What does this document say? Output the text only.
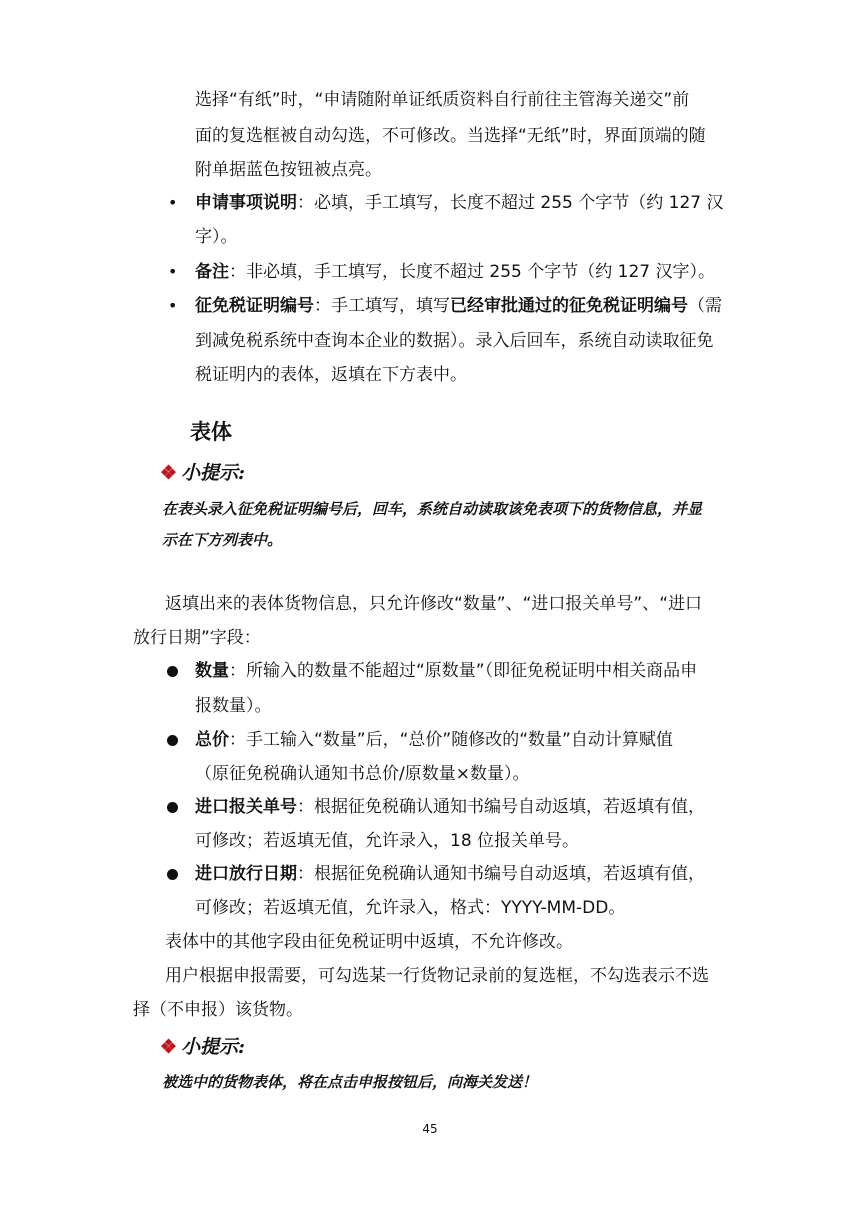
选择“有纸”时，“申请随附单证纸质资料自行前往主管海关递交”前
面的复选框被自动勾选，不可修改。当选择“无纸”时，界面顶端的随
附单据蓝色按钮被点亮。
• 申请事项说明：必填，手工填写，长度不超过 255 个字节（约 127 汉
字）。
• 备注：非必填，手工填写，长度不超过 255 个字节（约 127 汉字）。
• 征免税证明编号：手工填写，填写已经审批通过的征免税证明编号（需
到减免税系统中查询本企业的数据）。录入后回车，系统自动读取征免
税证明内的表体，返填在下方表中。
表体
❖ 小提示:
在表头录入征免税证明编号后，回车，系统自动读取该免表项下的货物信息，并显
示在下方列表中。
返填出来的表体货物信息，只允许修改“数量”、“进口报关单号”、“进口
放行日期”字段：
数量：所输入的数量不能超过“原数量”（即征免税证明中相关商品申
报数量）。
总价：手工输入“数量”后，“总价”随修改的“数量”自动计算赋值
（原征免税确认通知书总价/原数量×数量）。
进口报关单号：根据征免税确认通知书编号自动返填，若返填有值，
可修改；若返填无值，允许录入，18 位报关单号。
进口放行日期：根据征免税确认通知书编号自动返填，若返填有值，
可修改；若返填无值，允许录入，格式：YYYY-MM-DD。
表体中的其他字段由征免税证明中返填，不允许修改。
用户根据申报需要，可勾选某一行货物记录前的复选框，不勾选表示不选
择（不申报）该货物。
❖ 小提示:
被选中的货物表体，将在点击申报按钮后，向海关发送！
45
